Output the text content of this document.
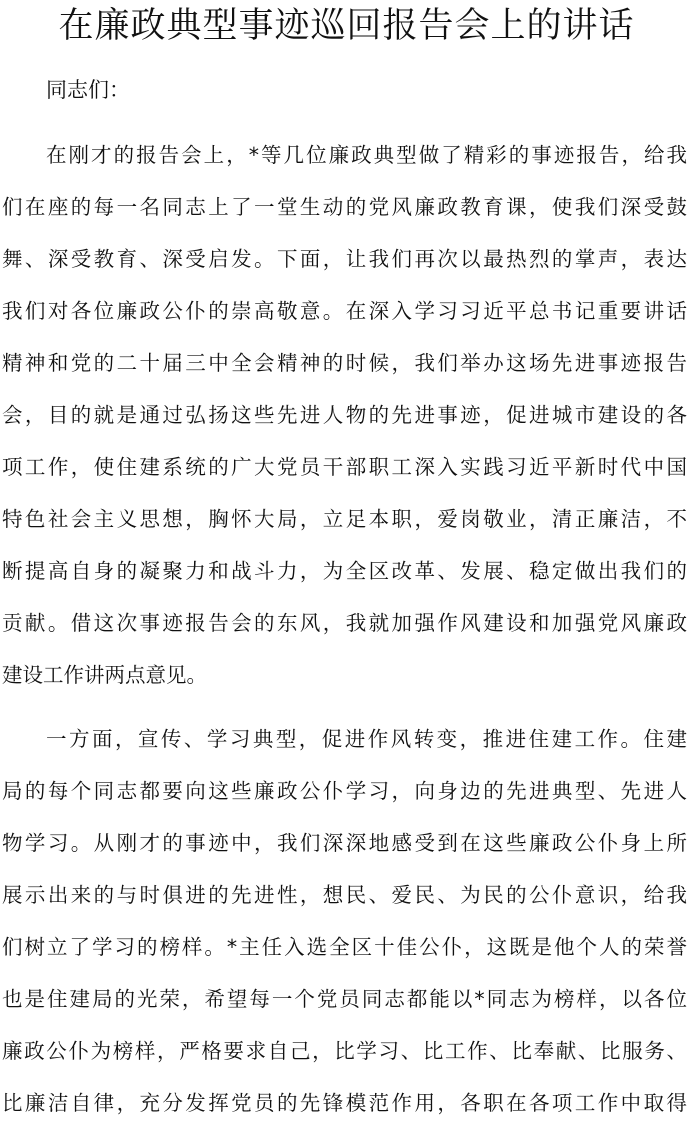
在廉政典型事迹巡回报告会上的讲话
同志们：
在刚才的报告会上，*等几位廉政典型做了精彩的事迹报告，给我
们在座的每一名同志上了一堂生动的党风廉政教育课，使我们深受鼓
舞、深受教育、深受启发。下面，让我们再次以最热烈的掌声，表达
我们对各位廉政公仆的崇高敬意。在深入学习习近平总书记重要讲话
精神和党的二十届三中全会精神的时候，我们举办这场先进事迹报告
会，目的就是通过弘扬这些先进人物的先进事迹，促进城市建设的各
项工作，使住建系统的广大党员干部职工深入实践习近平新时代中国
特色社会主义思想，胸怀大局，立足本职，爱岗敬业，清正廉洁，不
断提高自身的凝聚力和战斗力，为全区改革、发展、稳定做出我们的
贡献。借这次事迹报告会的东风，我就加强作风建设和加强党风廉政
建设工作讲两点意见。
一方面，宣传、学习典型，促进作风转变，推进住建工作。住建
局的每个同志都要向这些廉政公仆学习，向身边的先进典型、先进人
物学习。从刚才的事迹中，我们深深地感受到在这些廉政公仆身上所
展示出来的与时俱进的先进性，想民、爱民、为民的公仆意识，给我
们树立了学习的榜样。*主任入选全区十佳公仆，这既是他个人的荣誉
也是住建局的光荣，希望每一个党员同志都能以*同志为榜样，以各位
廉政公仆为榜样，严格要求自己，比学习、比工作、比奉献、比服务、
比廉洁自律，充分发挥党员的先锋模范作用，各职在各项工作中取得
